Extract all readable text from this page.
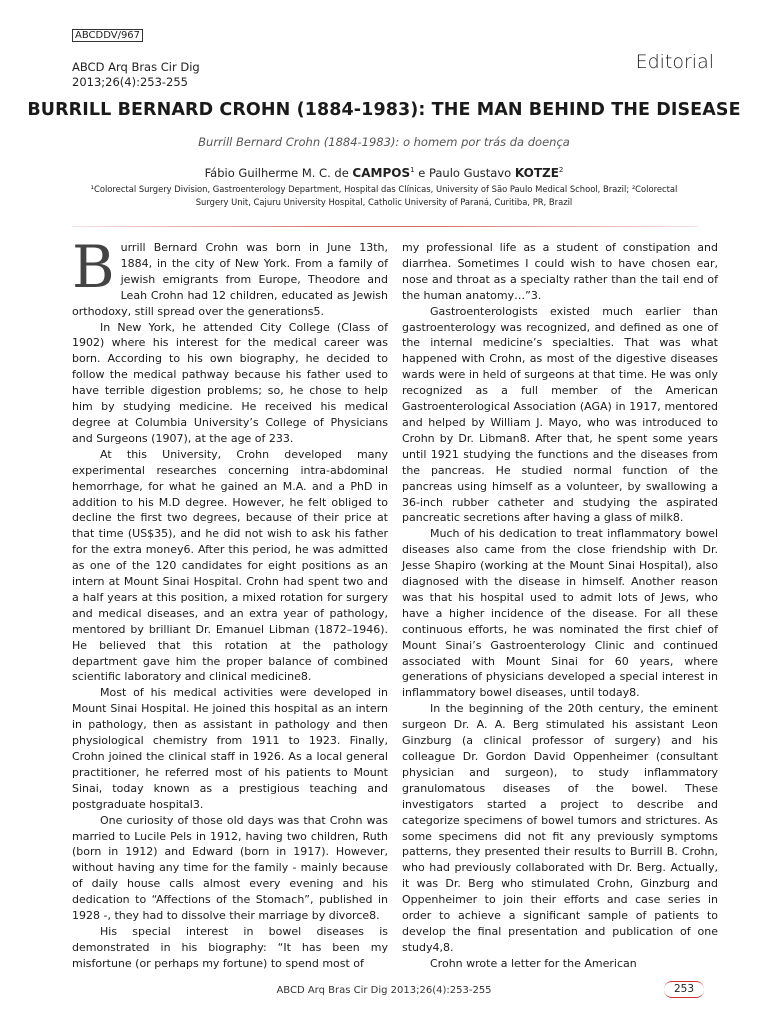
ABCDDV/967
ABCD Arq Bras Cir Dig
2013;26(4):253-255
Editorial
BURRILL BERNARD CROHN (1884-1983): THE MAN BEHIND THE DISEASE
Burrill Bernard Crohn (1884-1983): o homem por trás da doença
Fábio Guilherme M. C. de CAMPOS$^1$ e Paulo Gustavo KOTZE$^2$
¹Colorectal Surgery Division, Gastroenterology Department, Hospital das Clínicas, University of São Paulo Medical School, Brazil; ²Colorectal Surgery Unit, Cajuru University Hospital, Catholic University of Paraná, Curitiba, PR, Brazil

Burrill Bernard Crohn was born in June 13th, 1884, in the city of New York. From a family of jewish emigrants from Europe, Theodore and Leah Crohn had 12 children, educated as Jewish orthodoxy, still spread over the generations5.

In New York, he attended City College (Class of 1902) where his interest for the medical career was born. According to his own biography, he decided to follow the medical pathway because his father used to have terrible digestion problems; so, he chose to help him by studying medicine. He received his medical degree at Columbia University’s College of Physicians and Surgeons (1907), at the age of 233.

At this University, Crohn developed many experimental researches concerning intra-abdominal hemorrhage, for what he gained an M.A. and a PhD in addition to his M.D degree. However, he felt obliged to decline the first two degrees, because of their price at that time (US$35), and he did not wish to ask his father for the extra money6. After this period, he was admitted as one of the 120 candidates for eight positions as an intern at Mount Sinai Hospital. Crohn had spent two and a half years at this position, a mixed rotation for surgery and medical diseases, and an extra year of pathology, mentored by brilliant Dr. Emanuel Libman (1872–1946). He believed that this rotation at the pathology department gave him the proper balance of combined scientific laboratory and clinical medicine8.

Most of his medical activities were developed in Mount Sinai Hospital. He joined this hospital as an intern in pathology, then as assistant in pathology and then physiological chemistry from 1911 to 1923. Finally, Crohn joined the clinical staff in 1926. As a local general practitioner, he referred most of his patients to Mount Sinai, today known as a prestigious teaching and postgraduate hospital3.

One curiosity of those old days was that Crohn was married to Lucile Pels in 1912, having two children, Ruth (born in 1912) and Edward (born in 1917). However, without having any time for the family - mainly because of daily house calls almost every evening and his dedication to “Affections of the Stomach”, published in 1928 -, they had to dissolve their marriage by divorce8.

His special interest in bowel diseases is demonstrated in his biography: “It has been my misfortune (or perhaps my fortune) to spend most of

my professional life as a student of constipation and diarrhea. Sometimes I could wish to have chosen ear, nose and throat as a specialty rather than the tail end of the human anatomy…”3.

Gastroenterologists existed much earlier than gastroenterology was recognized, and defined as one of the internal medicine’s specialties. That was what happened with Crohn, as most of the digestive diseases wards were in held of surgeons at that time. He was only recognized as a full member of the American Gastroenterological Association (AGA) in 1917, mentored and helped by William J. Mayo, who was introduced to Crohn by Dr. Libman8. After that, he spent some years until 1921 studying the functions and the diseases from the pancreas. He studied normal function of the pancreas using himself as a volunteer, by swallowing a 36-inch rubber catheter and studying the aspirated pancreatic secretions after having a glass of milk8.

Much of his dedication to treat inflammatory bowel diseases also came from the close friendship with Dr. Jesse Shapiro (working at the Mount Sinai Hospital), also diagnosed with the disease in himself. Another reason was that his hospital used to admit lots of Jews, who have a higher incidence of the disease. For all these continuous efforts, he was nominated the first chief of Mount Sinai’s Gastroenterology Clinic and continued associated with Mount Sinai for 60 years, where generations of physicians developed a special interest in inflammatory bowel diseases, until today8.

In the beginning of the 20th century, the eminent surgeon Dr. A. A. Berg stimulated his assistant Leon Ginzburg (a clinical professor of surgery) and his colleague Dr. Gordon David Oppenheimer (consultant physician and surgeon), to study inflammatory granulomatous diseases of the bowel. These investigators started a project to describe and categorize specimens of bowel tumors and strictures. As some specimens did not fit any previously symptoms patterns, they presented their results to Burrill B. Crohn, who had previously collaborated with Dr. Berg. Actually, it was Dr. Berg who stimulated Crohn, Ginzburg and Oppenheimer to join their efforts and case series in order to achieve a significant sample of patients to develop the final presentation and publication of one study4,8.

Crohn wrote a letter for the American

ABCD Arq Bras Cir Dig 2013;26(4):253-255	253
